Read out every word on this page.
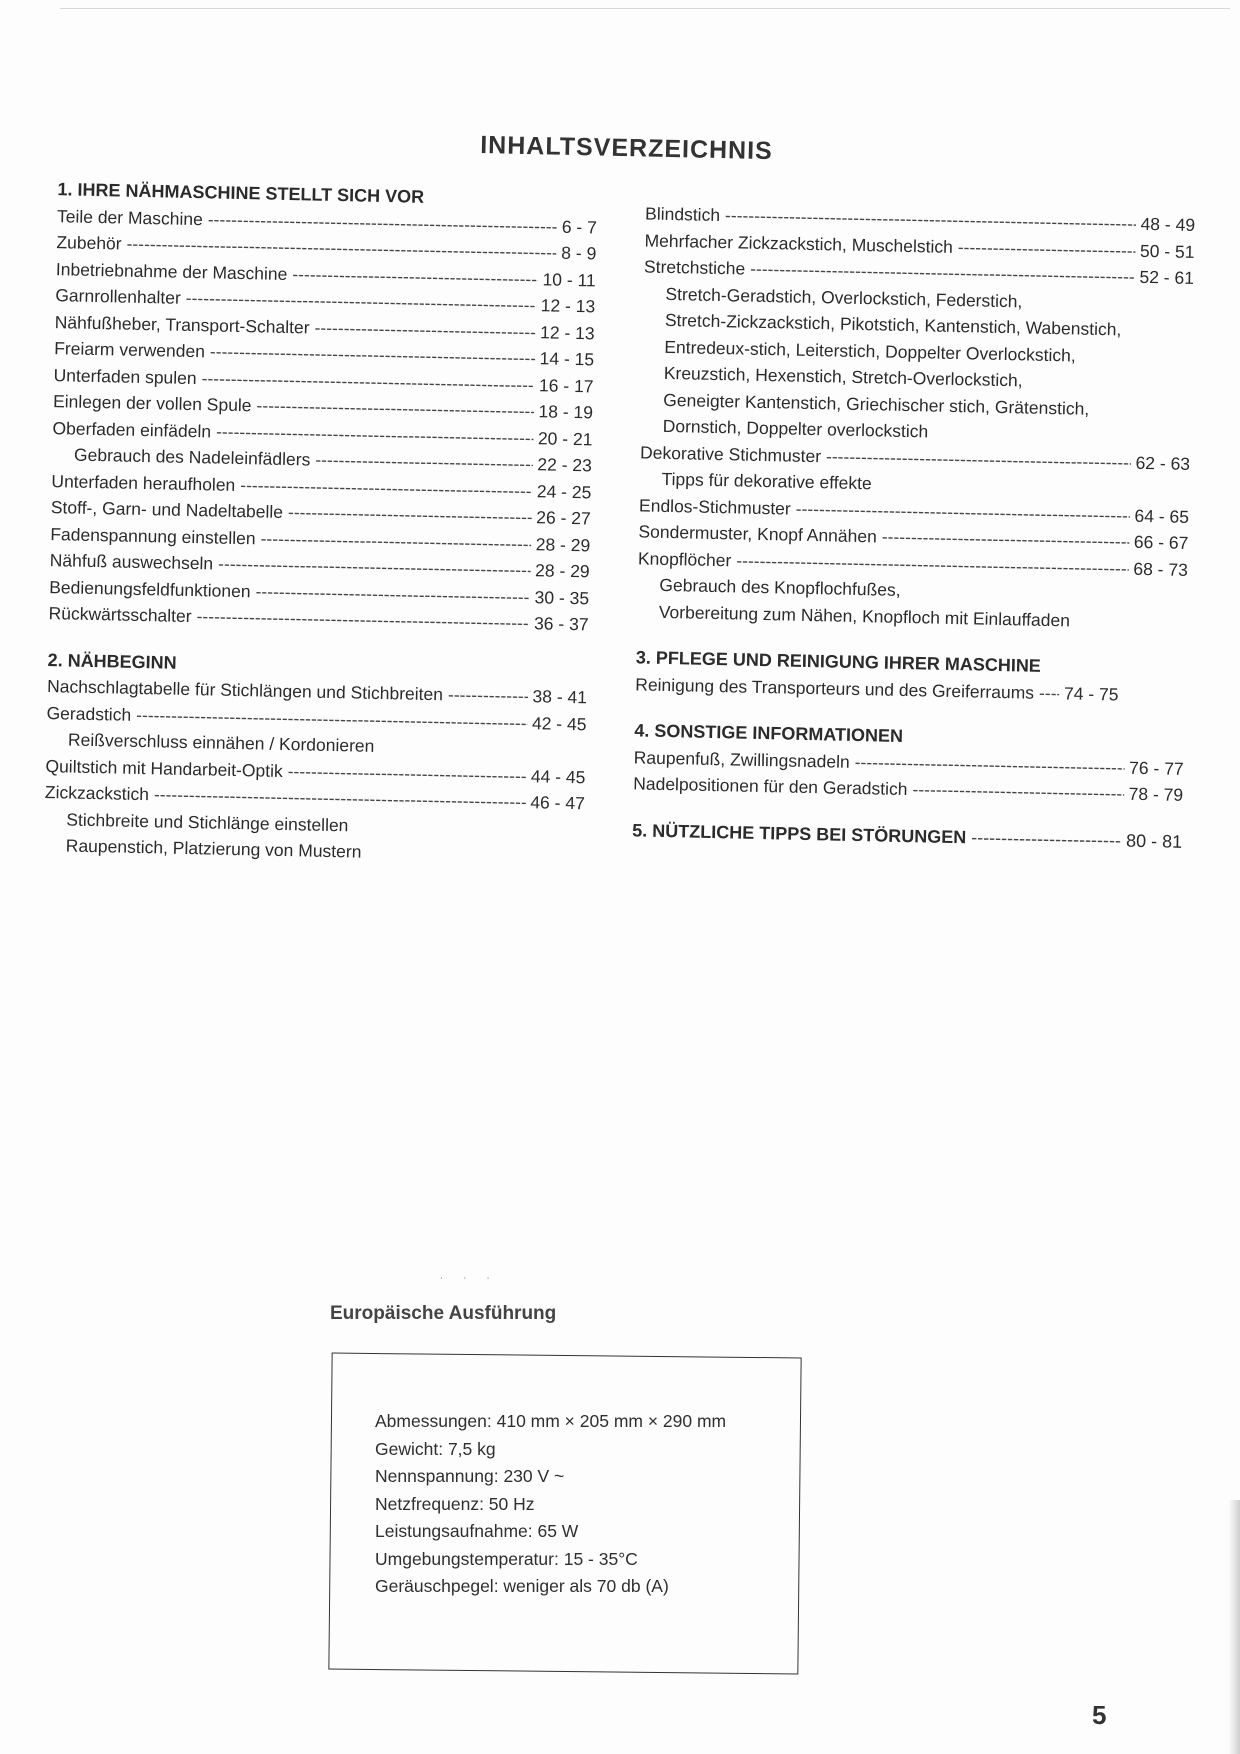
INHALTSVERZEICHNIS
1. IHRE NÄHMASCHINE STELLT SICH VOR
Teile der Maschine -----	6 - 7
Zubehör -----	8 - 9
Inbetriebnahme der Maschine -----	10 - 11
Garnrollenhalter -----	12 - 13
Nähfußheber, Transport-Schalter -----	12 - 13
Freiarm verwenden -----	14 - 15
Unterfaden spulen -----	16 - 17
Einlegen der vollen Spule -----	18 - 19
Oberfaden einfädeln -----	20 - 21
Gebrauch des Nadeleinfädlers -----	22 - 23
Unterfaden heraufholen -----	24 - 25
Stoff-, Garn- und Nadeltabelle -----	26 - 27
Fadenspannung einstellen -----	28 - 29
Nähfuß auswechseln -----	28 - 29
Bedienungsfeldfunktionen -----	30 - 35
Rückwärtsschalter -----	36 - 37
2. NÄHBEGINN
Nachschlagtabelle für Stichlängen und Stichbreiten -----	38 - 41
Geradstich -----	42 - 45
Reißverschluss einnähen / Kordonieren
Quiltstich mit Handarbeit-Optik -----	44 - 45
Zickzackstich -----	46 - 47
Stichbreite und Stichlänge einstellen
Raupenstich, Platzierung von Mustern
Blindstich -----	48 - 49
Mehrfacher Zickzackstich, Muschelstich -----	50 - 51
Stretchstiche -----	52 - 61
Stretch-Geradstich, Overlockstich, Federstich,
Stretch-Zickzackstich, Pikotstich, Kantenstich, Wabenstich,
Entredeux-stich, Leiterstich, Doppelter Overlockstich,
Kreuzstich, Hexenstich, Stretch-Overlockstich,
Geneigter Kantenstich, Griechischer stich, Grätenstich,
Dornstich, Doppelter overlockstich
Dekorative Stichmuster -----	62 - 63
Tipps für dekorative effekte
Endlos-Stichmuster -----	64 - 65
Sondermuster, Knopf Annähen -----	66 - 67
Knopflöcher -----	68 - 73
Gebrauch des Knopflochfußes,
Vorbereitung zum Nähen, Knopfloch mit Einlauffaden
3. PFLEGE UND REINIGUNG IHRER MASCHINE
Reinigung des Transporteurs und des Greiferraums ----- 74 - 75
4. SONSTIGE INFORMATIONEN
Raupenfuß, Zwillingsnadeln -----	76 - 77
Nadelpositionen für den Geradstich -----	78 - 79
5. NÜTZLICHE TIPPS BEI STÖRUNGEN -----	80 - 81
˙ ˙ ˙
Europäische Ausführung
Abmessungen: 410 mm × 205 mm × 290 mm
Gewicht: 7,5 kg
Nennspannung: 230 V ~
Netzfrequenz: 50 Hz
Leistungsaufnahme: 65 W
Umgebungstemperatur: 15 - 35°C
Geräuschpegel: weniger als 70 db (A)
5
